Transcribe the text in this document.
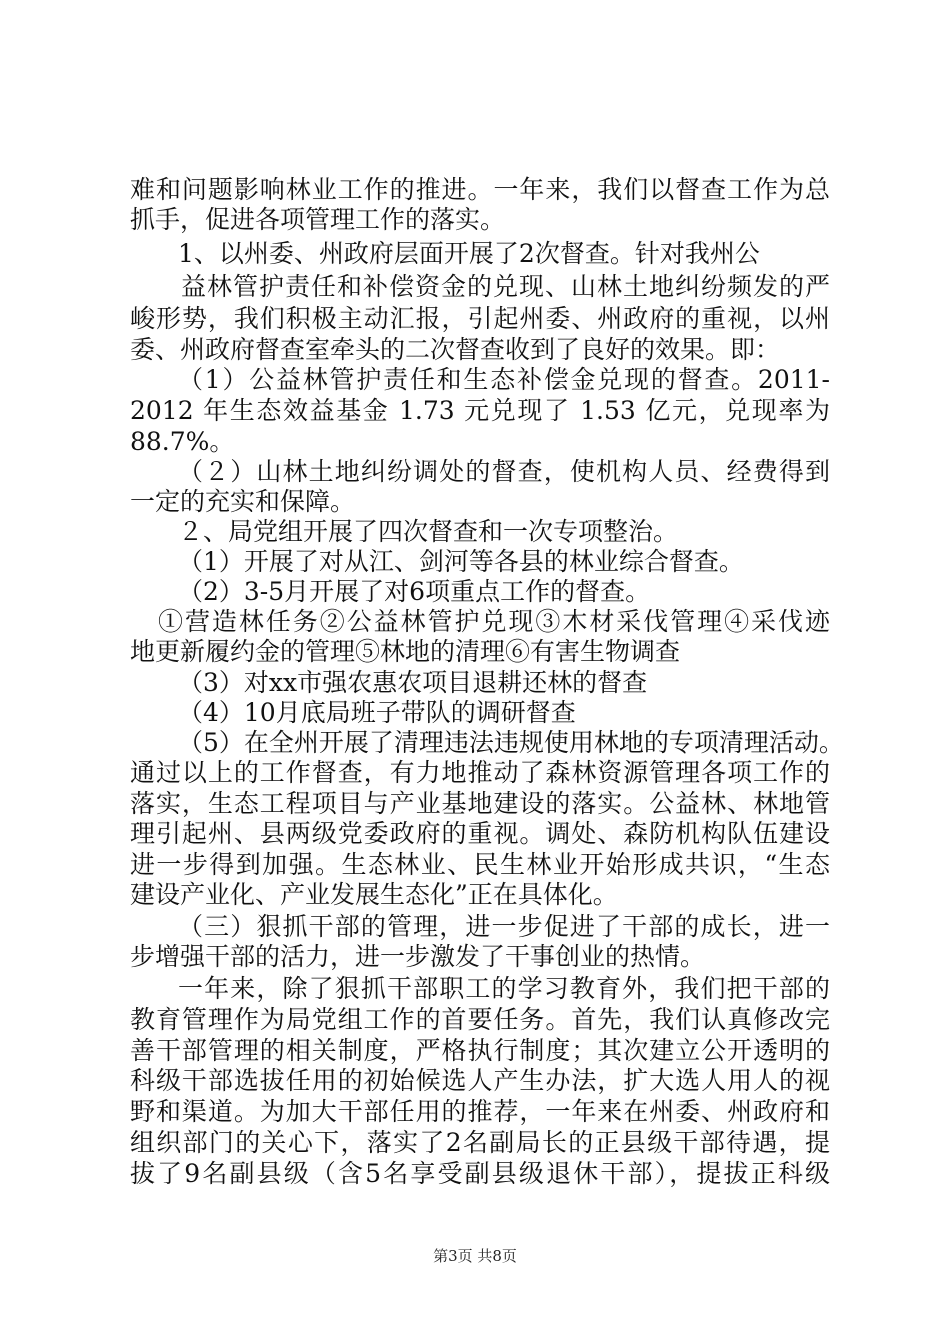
难和问题影响林业工作的推进。一年来，我们以督查工作为总
抓手，促进各项管理工作的落实。
1、以州委、州政府层面开展了2次督查。针对我州公
益林管护责任和补偿资金的兑现、山林土地纠纷频发的严
峻形势，我们积极主动汇报，引起州委、州政府的重视，以州
委、州政府督查室牵头的二次督查收到了良好的效果。即：
（1）公益林管护责任和生态补偿金兑现的督查。2011-
2012 年生态效益基金 1.73 元兑现了 1.53 亿元，兑现率为
88.7%。
（２）山林土地纠纷调处的督查，使机构人员、经费得到
一定的充实和保障。
２、局党组开展了四次督查和一次专项整治。
（1）开展了对从江、剑河等各县的林业综合督查。
（2）3-5月开展了对6项重点工作的督查。
①营造林任务②公益林管护兑现③木材采伐管理④采伐迹
地更新履约金的管理⑤林地的清理⑥有害生物调查
（3）对xx市强农惠农项目退耕还林的督查
（4）10月底局班子带队的调研督查
（5）在全州开展了清理违法违规使用林地的专项清理活动。
通过以上的工作督查，有力地推动了森林资源管理各项工作的
落实，生态工程项目与产业基地建设的落实。公益林、林地管
理引起州、县两级党委政府的重视。调处、森防机构队伍建设
进一步得到加强。生态林业、民生林业开始形成共识，“生态
建设产业化、产业发展生态化”正在具体化。
（三）狠抓干部的管理，进一步促进了干部的成长，进一
步增强干部的活力，进一步激发了干事创业的热情。
一年来，除了狠抓干部职工的学习教育外，我们把干部的
教育管理作为局党组工作的首要任务。首先，我们认真修改完
善干部管理的相关制度，严格执行制度；其次建立公开透明的
科级干部选拔任用的初始候选人产生办法，扩大选人用人的视
野和渠道。为加大干部任用的推荐，一年来在州委、州政府和
组织部门的关心下，落实了2名副局长的正县级干部待遇，提
拔了9名副县级（含5名享受副县级退休干部），提拔正科级
第3页 共8页
